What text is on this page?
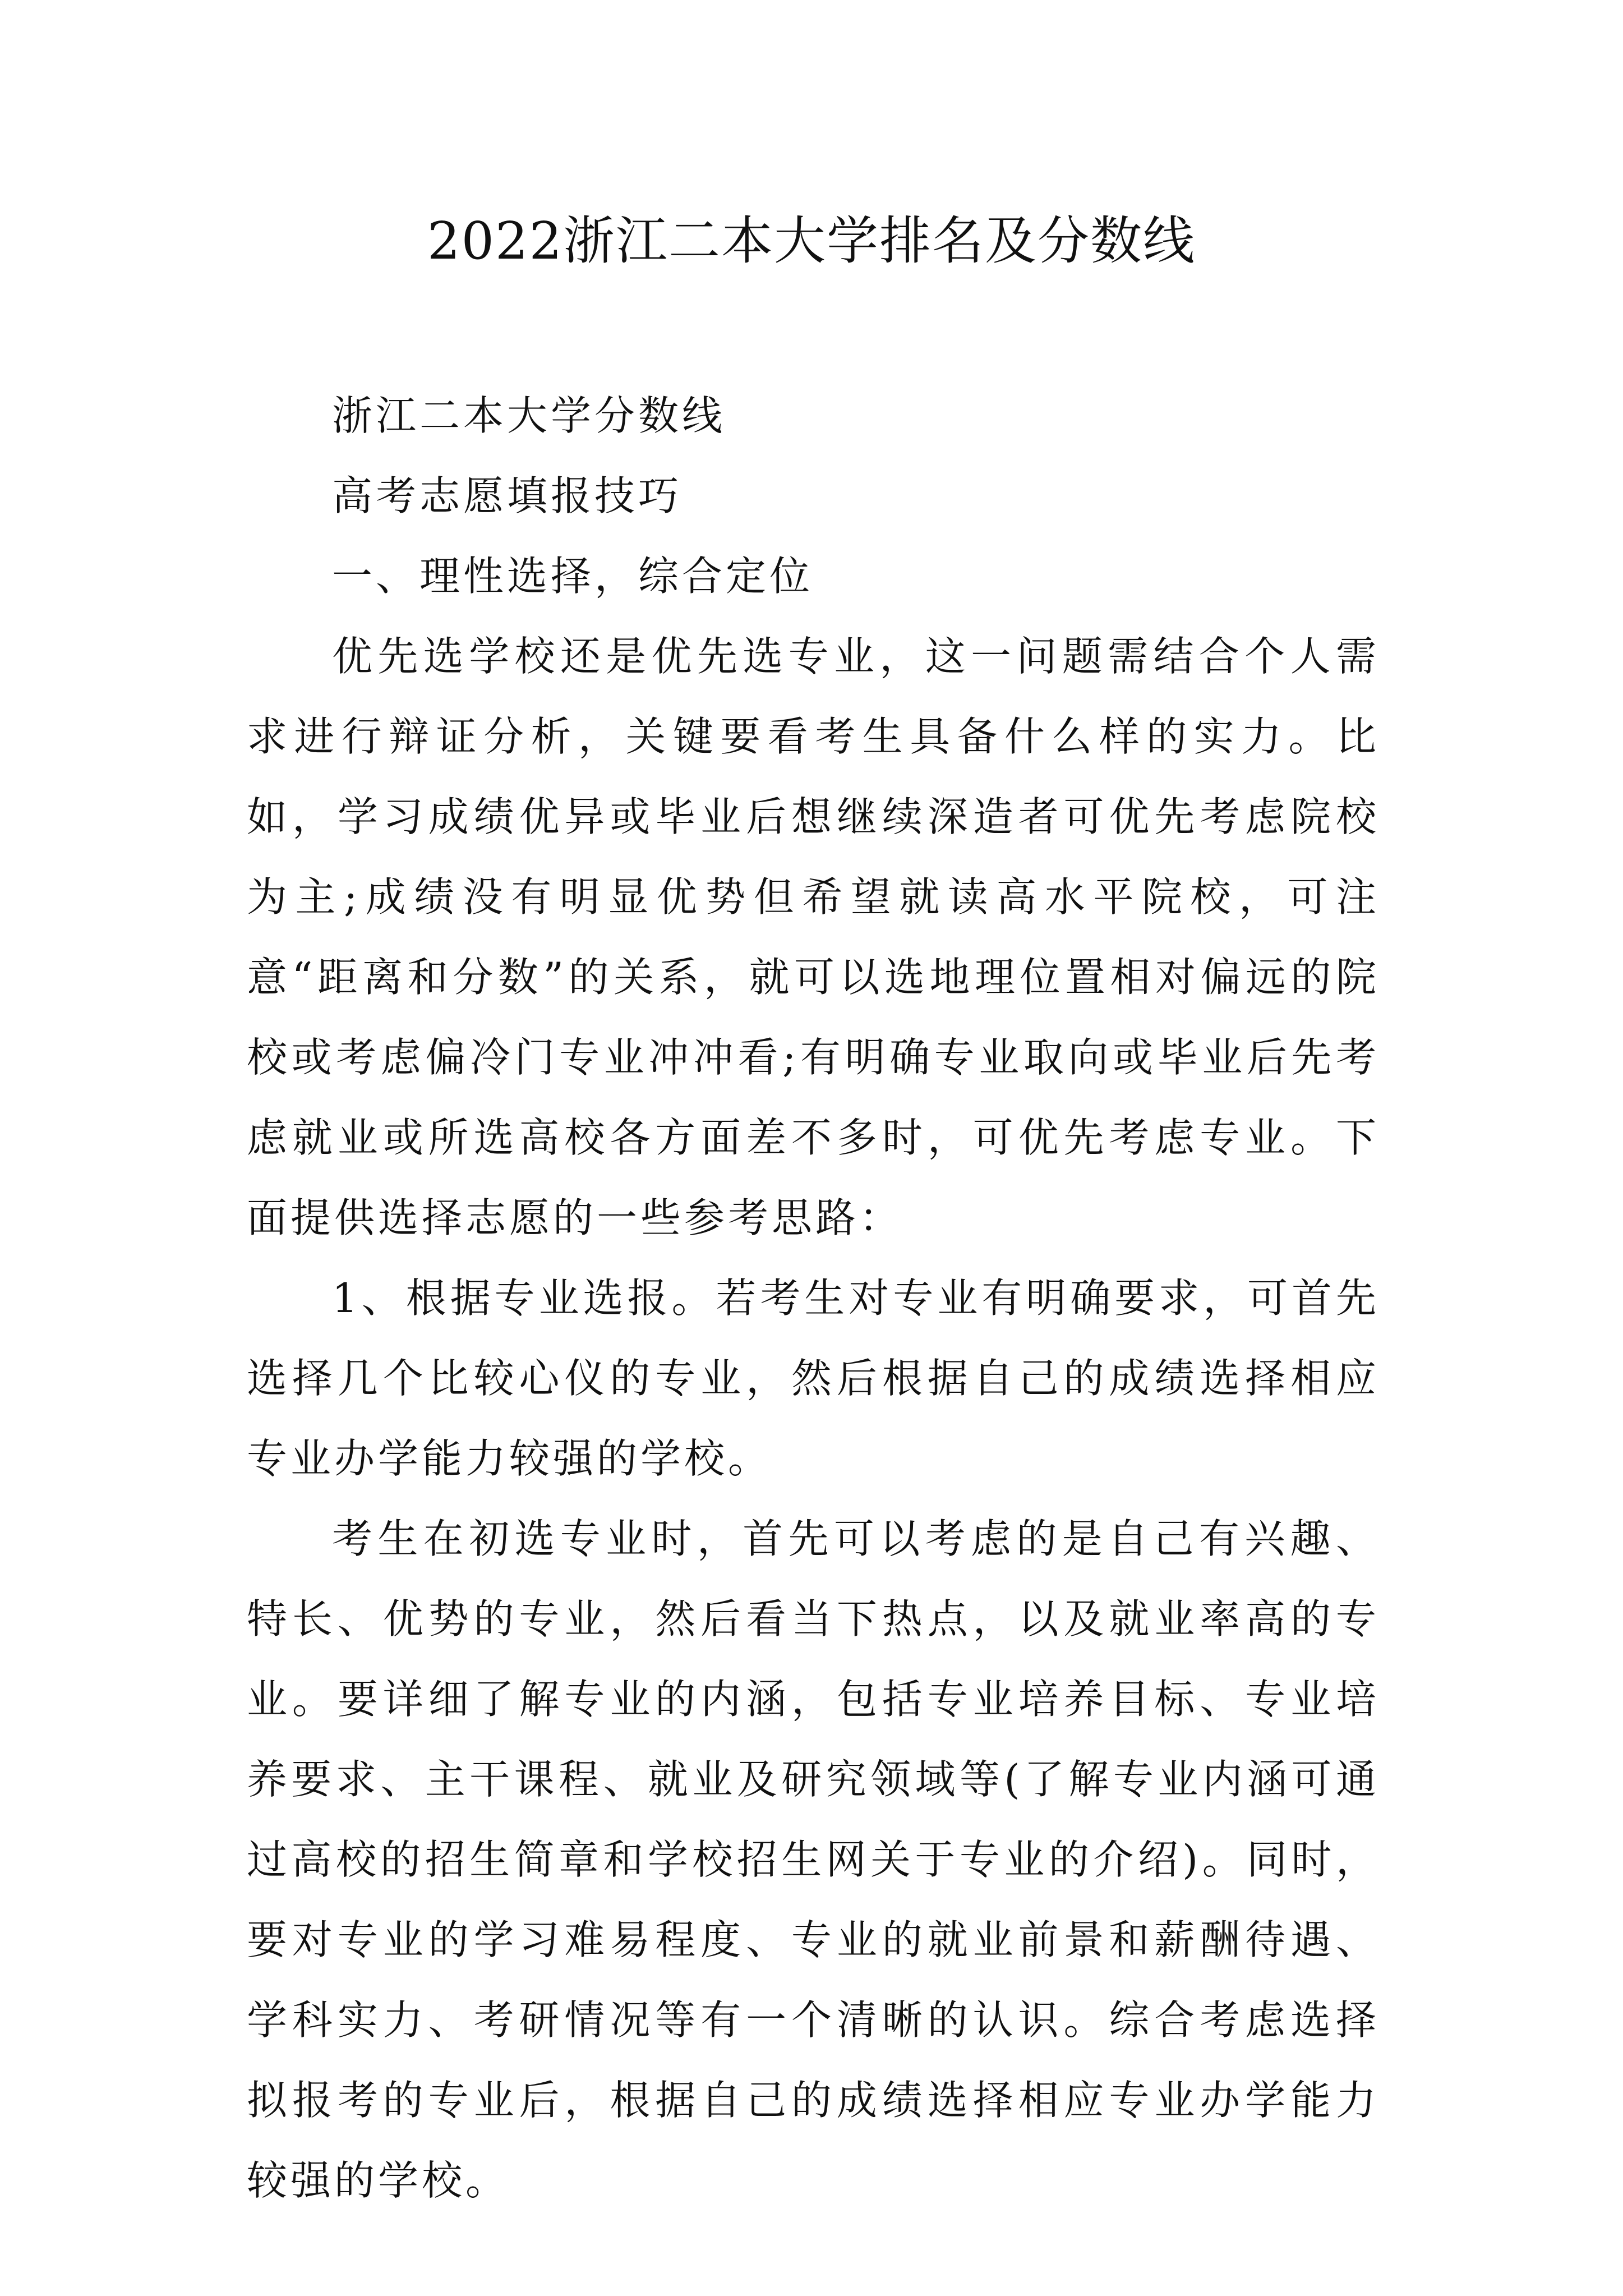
2022浙江二本大学排名及分数线

浙江二本大学分数线

高考志愿填报技巧

一、理性选择，综合定位

优先选学校还是优先选专业，这一问题需结合个人需求进行辩证分析，关键要看考生具备什么样的实力。比如，学习成绩优异或毕业后想继续深造者可优先考虑院校为主;成绩没有明显优势但希望就读高水平院校，可注意“距离和分数”的关系，就可以选地理位置相对偏远的院校或考虑偏冷门专业冲冲看;有明确专业取向或毕业后先考虑就业或所选高校各方面差不多时，可优先考虑专业。下面提供选择志愿的一些参考思路：

1、根据专业选报。若考生对专业有明确要求，可首先选择几个比较心仪的专业，然后根据自己的成绩选择相应专业办学能力较强的学校。

考生在初选专业时，首先可以考虑的是自己有兴趣、特长、优势的专业，然后看当下热点，以及就业率高的专业。要详细了解专业的内涵，包括专业培养目标、专业培养要求、主干课程、就业及研究领域等(了解专业内涵可通过高校的招生简章和学校招生网关于专业的介绍)。同时，要对专业的学习难易程度、专业的就业前景和薪酬待遇、学科实力、考研情况等有一个清晰的认识。综合考虑选择拟报考的专业后，根据自己的成绩选择相应专业办学能力较强的学校。
